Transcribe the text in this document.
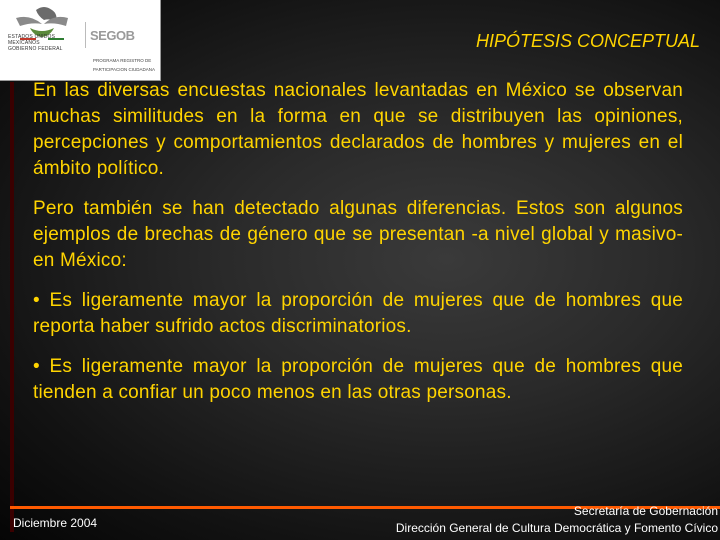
ESTADOS UNIDOS MEXICANOS
GOBIERNO FEDERAL
SEGOB
PROGRAMA REGISTRO DE
PARTICIPACION CIUDADANA
HIPÓTESIS CONCEPTUAL

En las diversas encuestas nacionales levantadas en México se observan muchas similitudes en la forma en que se distribuyen las opiniones, percepciones y comportamientos declarados de hombres y mujeres en el ámbito político.

Pero también se han detectado algunas diferencias. Estos son algunos ejemplos de brechas de género que se presentan -a nivel global y masivo- en México:

• Es ligeramente mayor la proporción de mujeres que de hombres que reporta haber sufrido actos discriminatorios.

• Es ligeramente mayor la proporción de mujeres que de hombres que tienden a confiar un poco menos en las otras personas.

Diciembre 2004
Secretaría de Gobernación
Dirección General de Cultura Democrática y Fomento Cívico
